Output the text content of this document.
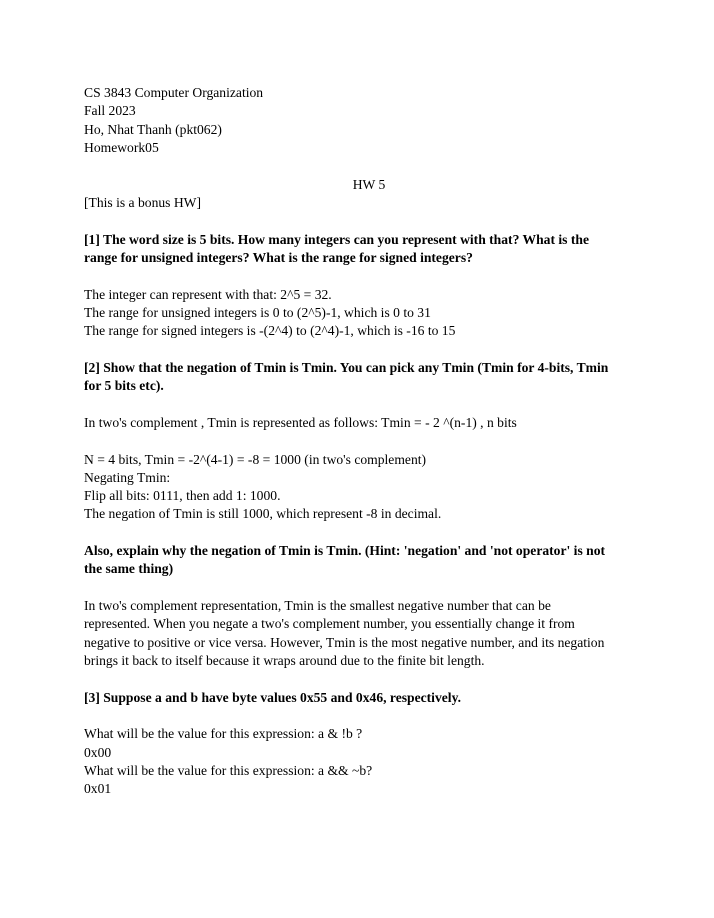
CS 3843 Computer Organization
Fall 2023
Ho, Nhat Thanh (pkt062)
Homework05
HW 5
[This is a bonus HW]
[1] The word size is 5 bits. How many integers can you represent with that? What is the
range for unsigned integers? What is the range for signed integers?
The integer can represent with that: 2^5 = 32.
The range for unsigned integers is 0 to (2^5)-1, which is 0 to 31
The range for signed integers is -(2^4) to (2^4)-1, which is -16 to 15
[2] Show that the negation of Tmin is Tmin. You can pick any Tmin (Tmin for 4-bits, Tmin
for 5 bits etc).
In two's complement , Tmin is represented as follows: Tmin = - 2 ^(n-1) , n bits
N = 4 bits, Tmin = -2^(4-1) = -8 = 1000 (in two's complement)
Negating Tmin:
Flip all bits: 0111, then add 1: 1000.
The negation of Tmin is still 1000, which represent -8 in decimal.
Also, explain why the negation of Tmin is Tmin. (Hint: 'negation' and 'not operator' is not
the same thing)
In two's complement representation, Tmin is the smallest negative number that can be
represented. When you negate a two's complement number, you essentially change it from
negative to positive or vice versa. However, Tmin is the most negative number, and its negation
brings it back to itself because it wraps around due to the finite bit length.
[3] Suppose a and b have byte values 0x55 and 0x46, respectively.
What will be the value for this expression: a & !b ?
0x00
What will be the value for this expression: a && ~b?
0x01
